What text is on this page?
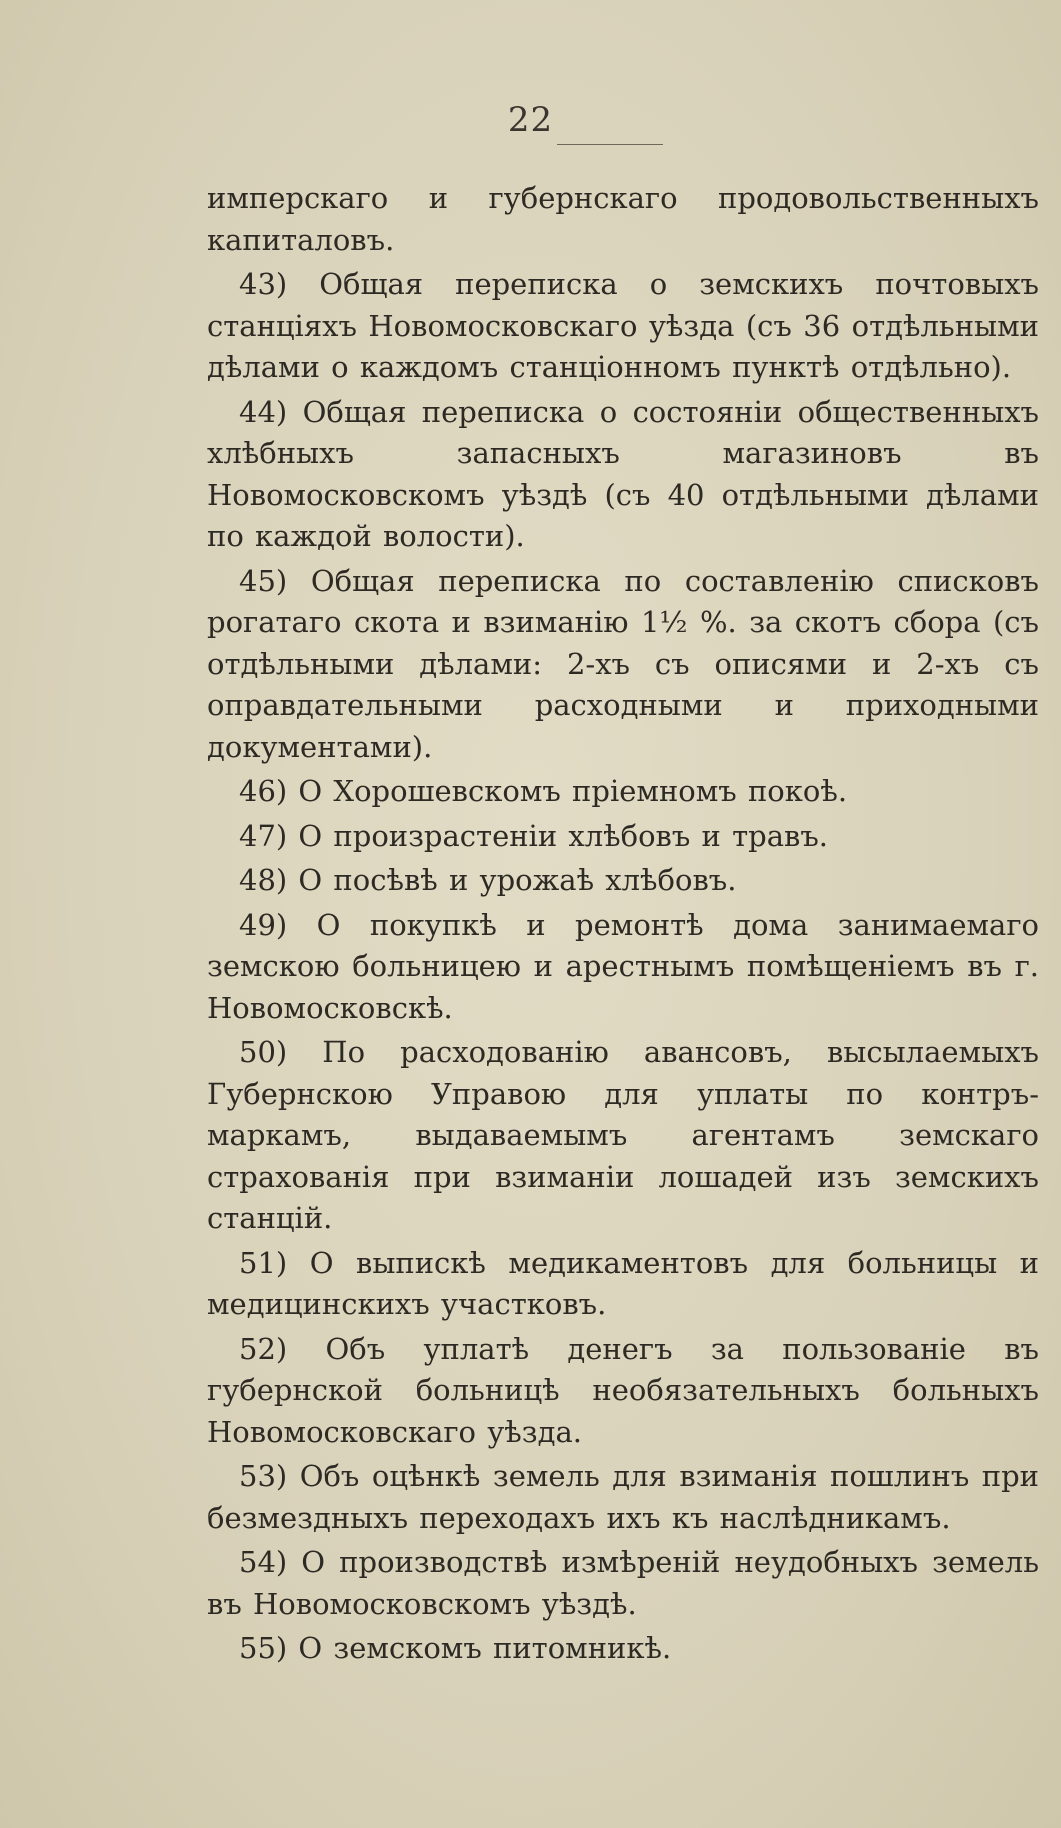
22

имперскаго и губернскаго продовольственныхъ капиталовъ.

43) Общая переписка о земскихъ почтовыхъ станціяхъ Новомосковскаго уѣзда (съ 36 отдѣльными дѣлами о каждомъ станціонномъ пунктѣ отдѣльно).

44) Общая переписка о состояніи общественныхъ хлѣбныхъ запасныхъ магазиновъ въ Новомосковскомъ уѣздѣ (съ 40 отдѣльными дѣлами по каждой волости).

45) Общая переписка по составленію списковъ рогатаго скота и взиманію 1½ %. за скотъ сбора (съ отдѣльными дѣлами: 2-хъ съ описями и 2-хъ съ оправдательными расходными и приходными документами).

46) О Хорошевскомъ пріемномъ покоѣ.

47) О произрастеніи хлѣбовъ и травъ.

48) О посѣвѣ и урожаѣ хлѣбовъ.

49) О покупкѣ и ремонтѣ дома занимаемаго земскою больницею и арестнымъ помѣщеніемъ въ г. Новомосковскѣ.

50) По расходованію авансовъ, высылаемыхъ Губернскою Управою для уплаты по контръ-маркамъ, выдаваемымъ агентамъ земскаго страхованія при взиманіи лошадей изъ земскихъ станцій.

51) О выпискѣ медикаментовъ для больницы и медицинскихъ участковъ.

52) Объ уплатѣ денегъ за пользованіе въ губернской больницѣ необязательныхъ больныхъ Новомосковскаго уѣзда.

53) Объ оцѣнкѣ земель для взиманія пошлинъ при безмездныхъ переходахъ ихъ къ наслѣдникамъ.

54) О производствѣ измѣреній неудобныхъ земель въ Новомосковскомъ уѣздѣ.

55) О земскомъ питомникѣ.
